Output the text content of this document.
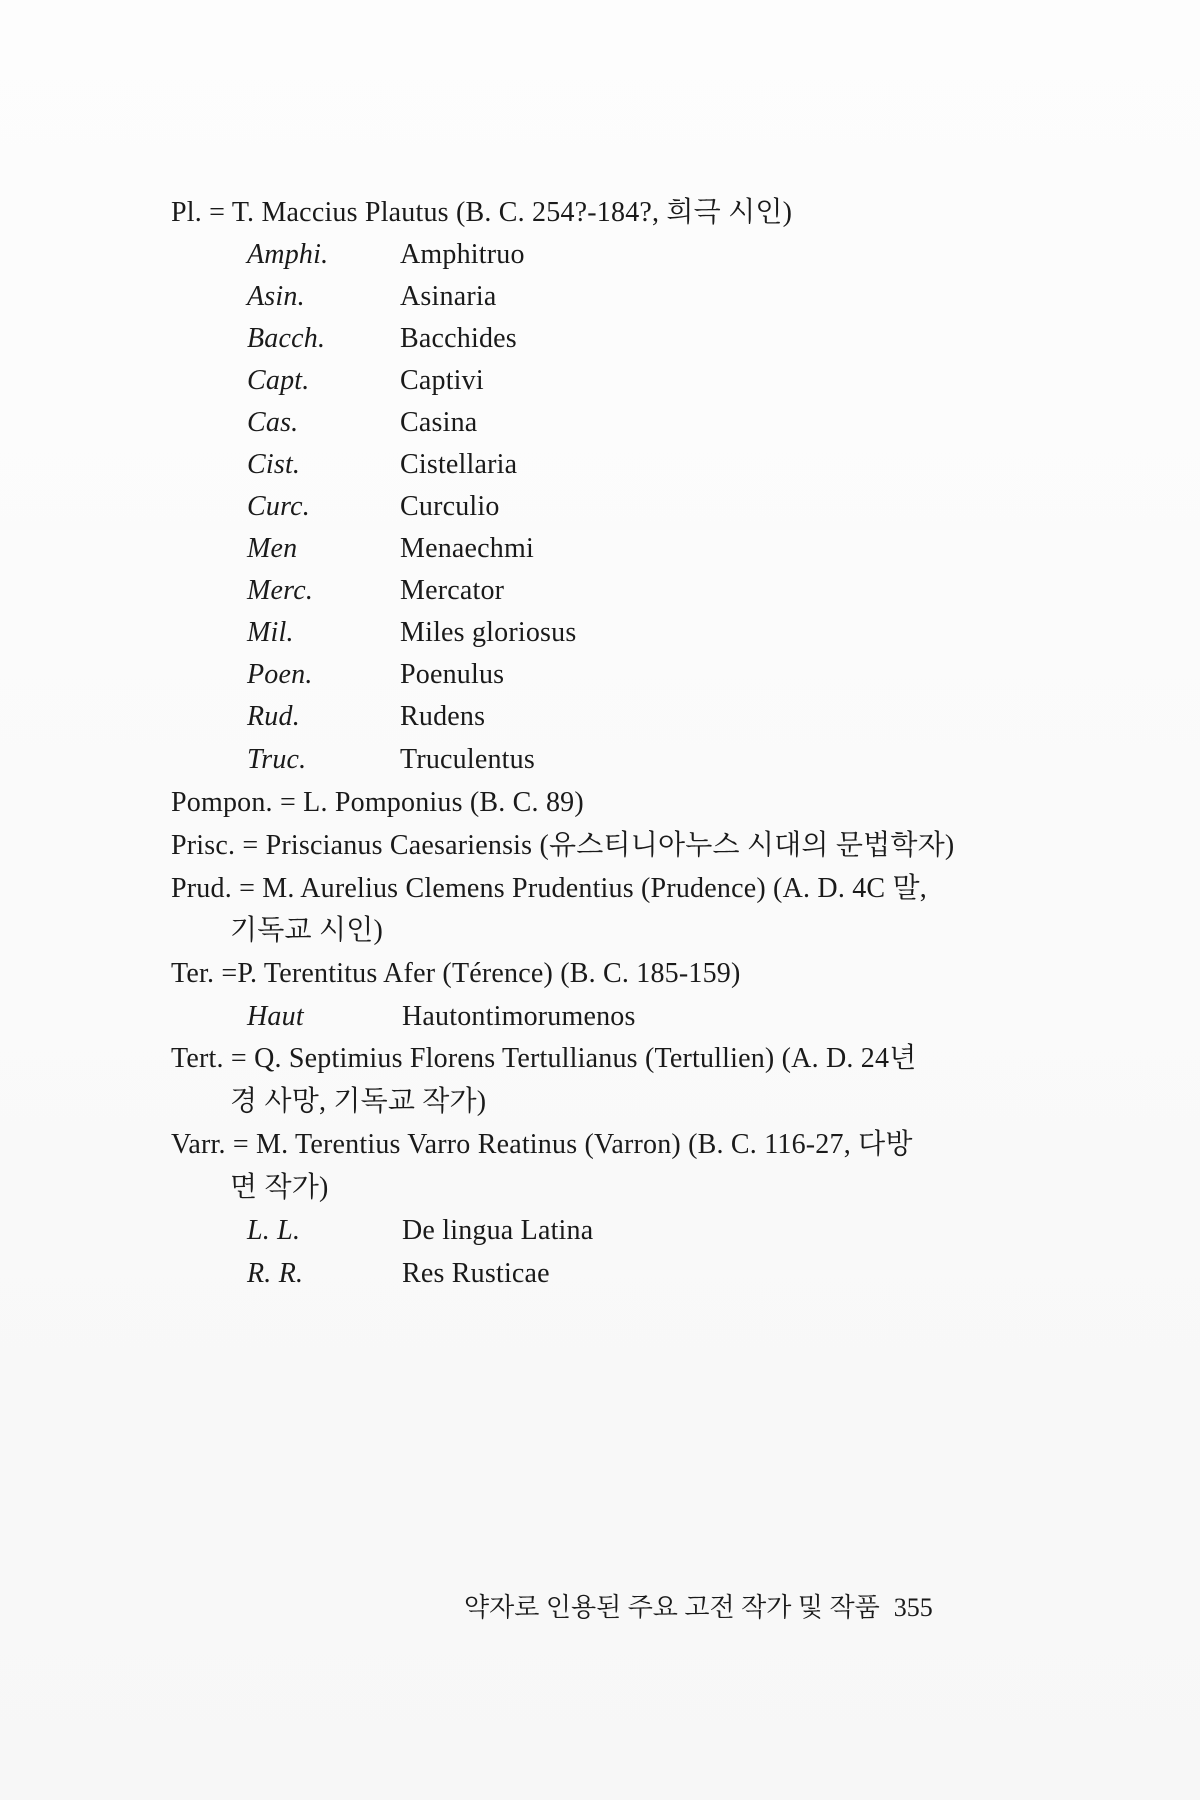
Pl. = T. Maccius Plautus (B. C. 254?-184?, 희극 시인)
Amphi.	Amphitruo
Asin.	Asinaria
Bacch.	Bacchides
Capt.	Captivi
Cas.	Casina
Cist.	Cistellaria
Curc.	Curculio
Men	Menaechmi
Merc.	Mercator
Mil.	Miles gloriosus
Poen.	Poenulus
Rud.	Rudens
Truc.	Truculentus
Pompon. = L. Pomponius (B. C. 89)
Prisc. = Priscianus Caesariensis (유스티니아누스 시대의 문법학자)
Prud. = M. Aurelius Clemens Prudentius (Prudence) (A. D. 4C 말,
기독교 시인)
Ter. =P. Terentitus Afer (Térence) (B. C. 185-159)
Haut	Hautontimorumenos
Tert. = Q. Septimius Florens Tertullianus (Tertullien) (A. D. 24년
경 사망, 기독교 작가)
Varr. = M. Terentius Varro Reatinus (Varron) (B. C. 116-27, 다방
면 작가)
L. L.	De lingua Latina
R. R.	Res Rusticae
약자로 인용된 주요 고전 작가 및 작품 355
